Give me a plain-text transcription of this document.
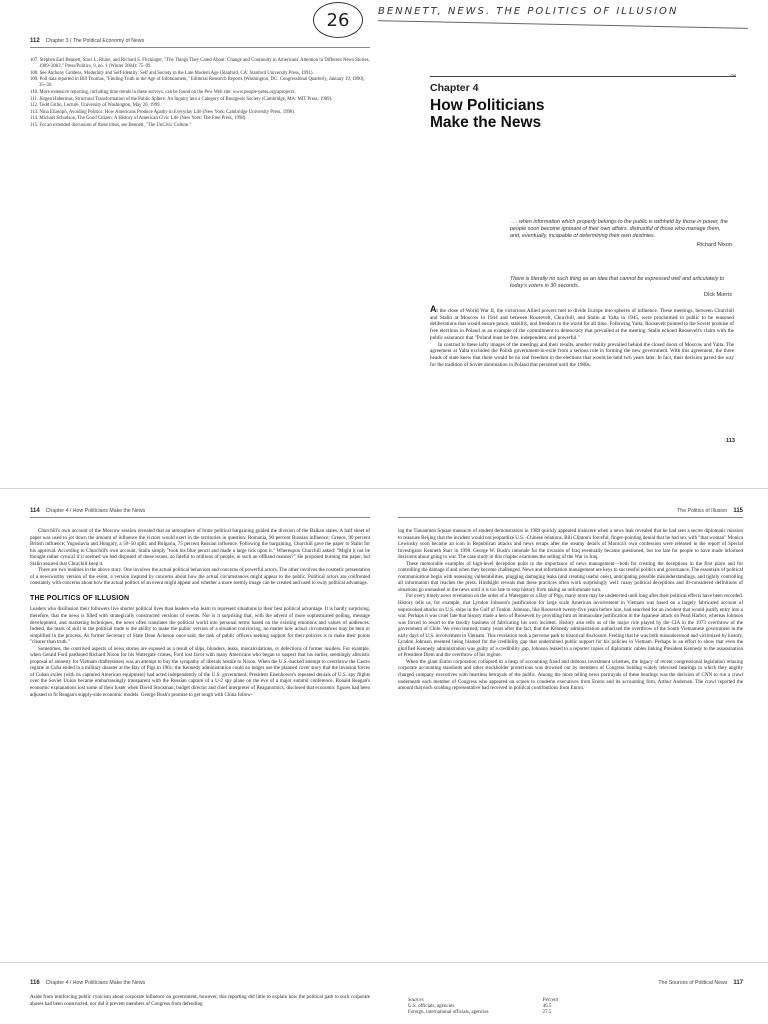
26	BENNETT, NEWS. THE POLITICS OF ILLUSION
112 Chapter 3 / The Political Economy of News
107. Stephen Earl Bennett, Staci L. Rhine, and Richard S. Flickinger, "The Things They Cared About: Change and Continuity in Americans' Attention to Different News Stories, 1989–2002," Press/Politics, 9, no. 1 (Winter 2004): 75–99.
108. See Anthony Giddens, Modernity and Self-Identity: Self and Society in the Late Modern Age (Stanford, CA: Stanford University Press, 1991).
109. Poll data reported in Bill Thomas, "Finding Truth in the Age of Infotainment," Editorial Research Reports (Washington, DC: Congressional Quarterly, January 19, 1990), 35–36.
110. More extensive reporting, including time trends in these surveys, can be found on the Pew Web site: www.people-press.org/aprojects.
111. Jürgen Habermas, Structural Transformation of the Public Sphere: An Inquiry into a Category of Bourgeois Society (Cambridge, MA: MIT Press, 1989).
112. Todd Gitlin, Lecture, University of Washington, May 20, 1999.
113. Nina Eliasoph, Avoiding Politics: How Americans Produce Apathy in Everyday Life (New York: Cambridge University Press, 1998).
114. Michael Schudson, The Good Citizen: A History of American Civic Life (New York: The Free Press, 1998).
115. For an extended discussion of these ideas, see Bennett, "The UnCivic Culture."
~
Chapter 4
How Politicians
Make the News
. . . when information which properly belongs to the public is withheld by those in power, the people soon become ignorant of their own affairs, distrustful of those who manage them, and, eventually, incapable of determining their own destinies.
Richard Nixon
There is literally no such thing as an idea that cannot be expressed well and articulately to today's voters in 30 seconds.
Dick Morris

At the close of World War II, the victorious Allied powers met to divide Europe into spheres of influence. These meetings, between Churchill and Stalin at Moscow in 1944 and between Roosevelt, Churchill, and Stalin at Yalta in 1945, were proclaimed in public to be reasoned deliberations that would ensure peace, stability, and freedom in the world for all time. Following Yalta, Roosevelt pointed to the Soviet promise of free elections in Poland as an example of the commitment to democracy that prevailed at the meeting. Stalin echoed Roosevelt's claim with the public assurance that "Poland must be free, independent, and powerful."

In contrast to these lofty images of the meetings and their results, another reality prevailed behind the closed doors of Moscow and Yalta. The agreement at Yalta excluded the Polish government-in-exile from a serious role in forming the new government. With this agreement, the three heads of state knew that there would be no real freedom in the elections that would be held two years later. In fact, their decision paved the way for the tradition of Soviet domination in Poland that persisted until the 1980s.

113
114 Chapter 4 / How Politicians Make the News

Churchill's own account of the Moscow session revealed that an atmosphere of brute political bargaining guided the division of the Balkan states. A half sheet of paper was used to jot down the amount of influence the victors would exert in the territories in question: Romania, 90 percent Russian influence; Greece, 90 percent British influence; Yugoslavia and Hungary, a 50–50 split; and Bulgaria, 75 percent Russian influence. Following the bargaining, Churchill gave the paper to Stalin for his approval. According to Churchill's own account, Stalin simply "took his blue pencil and made a large tick upon it." Whereupon Churchill asked: "Might it not be thought rather cynical if it seemed we had disposed of these issues, so fateful to millions of people, in such an offhand manner?" He proposed burning the paper, but Stalin assured that Churchill keep it.

There are two realities in the above story. One involves the actual political behaviors and concerns of powerful actors. The other involves the cosmetic presentation of a newsworthy version of the event, a version inspired by concerns about how the actual circumstances might appear to the public. Political actors are confronted constantly with concerns about how the actual politics of an event might appear and whether a more seemly image can be created and used to sway political advantage.

THE POLITICS OF ILLUSION

Leaders who disillusion their followers live shorter political lives than leaders who learn to represent situations to their best political advantage. It is hardly surprising, therefore, that the news is filled with strategically constructed versions of events. Nor is it surprising that, with the advent of more sophisticated polling, message development, and marketing techniques, the news often translates the political world into personal terms based on the existing emotions and values of audiences. Indeed, the mark of skill in the political trade is the ability to make the public version of a situation convincing, no matter how actual circumstances may be bent or simplified in the process. As former Secretary of State Dean Acheson once said, the task of public officers seeking support for their policies is to make their points "clearer than truth."

Sometimes, the contrived aspects of news stories are exposed as a result of slips, blunders, leaks, miscalculations, or defections of former insiders. For example, when Gerald Ford pardoned Richard Nixon for his Watergate crimes, Ford lost favor with many Americans who began to suspect that his earlier, seemingly altruistic proposal of amnesty for Vietnam draftresisters was an attempt to buy the sympathy of liberals hostile to Nixon. When the U.S.-backed attempt to overthrow the Castro regime in Cuba ended in a military disaster at the Bay of Pigs in 1961, the Kennedy administration could no longer use the planned cover story that the invasion forces of Cuban exiles (with its captured American equipment) had acted independently of the U.S. government. President Eisenhower's repeated denials of U.S. spy flights over the Soviet Union became embarrassingly transparent with the Russian capture of a U-2 spy plane on the eve of a major summit conference. Ronald Reagan's economic explanations lost some of their luster when David Stockman, budget director and chief interpreter of Reaganomics, disclosed that economic figures had been adjusted to fit Reagan's supply-side economic models. George Bush's promise to get tough with China follow-

The Politics of Illusion 115

ing the Tiananmen Square massacre of student demonstrators in 1989 quickly appeared insincere when a news leak revealed that he had sent a secret diplomatic mission to reassure Beijing that the incident would not jeopardize U.S.–Chinese relations. Bill Clinton's forceful, finger-pointing denial that he had sex with "that woman" Monica Lewinsky soon became an icon in Republican attacks and news recaps after the steamy details of Monica's own confession were released in the report of Special Investigator Kenneth Starr in 1998. George W. Bush's rationale for the invasion of Iraq eventually became questioned, but too late for people to have made informed decisions about going to war. The case study in this chapter examines the selling of the War in Iraq.

These memorable examples of high-level deception point to the importance of news management—both for creating the deceptions in the first place and for controlling the damage if and when they become challenged. News and information management are keys to successful politics and governance. The essentials of political communication begin with assessing vulnerabilities, plugging damaging leaks (and creating useful ones), anticipating possible misunderstandings, and tightly controlling all information that reaches the press. Hindsight reveals that these practices often work surprisingly well: many political deceptions and ill-considered definitions of situations go unmasked in the news until it is too late to stop history from taking an unfortunate turn.

For every timely news revelation on the order of a Watergate or a Bay of Pigs, many more may be undetected until long after their political effects have been recorded. History tells us, for example, that Lyndon Johnson's justification for large scale American involvement in Vietnam was based on a largely fabricated account of unprovoked attacks on U.S. ships in the Gulf of Tonkin. Johnson, like Roosevelt twenty-five years before him, had searched for an incident that would justify entry into a war. Perhaps it was cruel fate that history made a hero of Roosevelt by providing him an immaculate justification in the Japanese attack on Pearl Harbor, whereas Johnson was forced to resort to the tawdry business of fabricating his own incident. History also tells us of the major role played by the CIA in the 1973 overthrow of the government of Chile. We even learned, many years after the fact, that the Kennedy administration authorized the overthrow of the South Vietnamese government in the early days of U.S. involvement in Vietnam. This revelation took a perverse path to historical disclosure. Feeling that he was both misunderstood and victimized by history, Lyndon Johnson resented being blamed for the credibility gap that undermined public support for his policies in Vietnam. Perhaps in an effort to show that even the glorified Kennedy administration was guilty of a credibility gap, Johnson leaked to a reporter copies of diplomatic cables linking President Kennedy to the assassination of President Diem and the overthrow of his regime.

When the giant Enron corporation collapsed in a heap of accounting fraud and dubious investment schemes, the legacy of recent congressional legislation relaxing corporate accounting standards and other stockholder protections was drowned out by members of Congress holding widely televised hearings in which they angrily charged company executives with heartless betrayals of the public. Among the more telling news portrayals of these hearings was the decision of CNN to run a crawl underneath each member of Congress who appeared on screen to condemn executives from Enron and its accounting firm, Arthur Andersen. The crawl reported the amount that each scolding representative had received in political contributions from Enron.

116 Chapter 4 / How Politicians Make the News

Aside from reinforcing public cynicism about corporate influence on government, however, this reporting did little to explain how the political path to such corporate abuses had been constructed, nor did it prevent members of Congress from defending

The Sources of Political News 117
Sources
U.S. officials, agencies
Foreign, international officials, agencies
Percent
46.5
27.5
